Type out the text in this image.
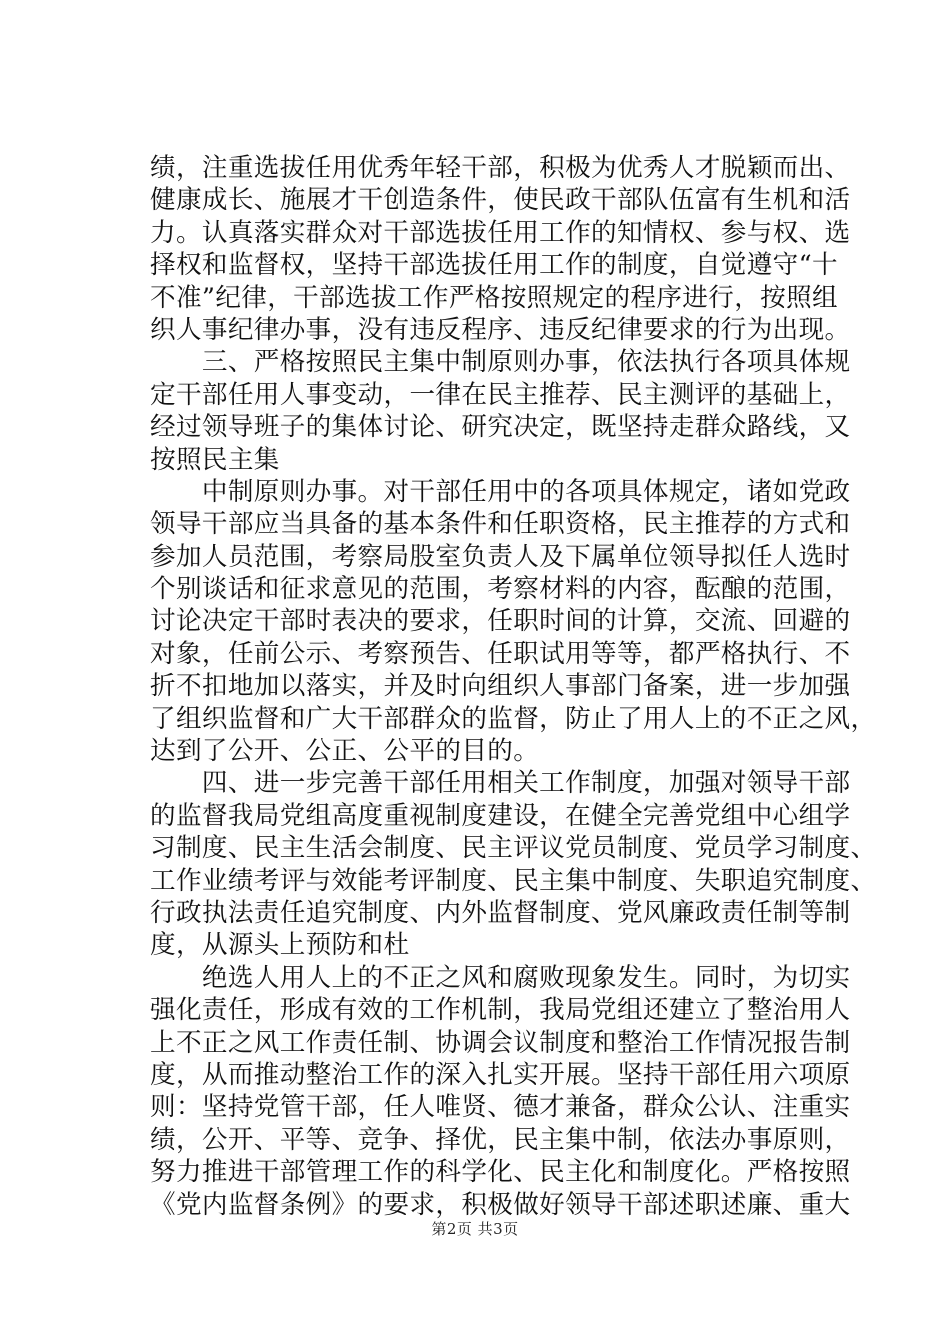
绩，注重选拔任用优秀年轻干部，积极为优秀人才脱颖而出、
健康成长、施展才干创造条件，使民政干部队伍富有生机和活
力。认真落实群众对干部选拔任用工作的知情权、参与权、选
择权和监督权，坚持干部选拔任用工作的制度，自觉遵守“十
不准”纪律，干部选拔工作严格按照规定的程序进行，按照组
织人事纪律办事，没有违反程序、违反纪律要求的行为出现。
　　三、严格按照民主集中制原则办事，依法执行各项具体规
定干部任用人事变动，一律在民主推荐、民主测评的基础上，
经过领导班子的集体讨论、研究决定，既坚持走群众路线，又
按照民主集
　　中制原则办事。对干部任用中的各项具体规定，诸如党政
领导干部应当具备的基本条件和任职资格，民主推荐的方式和
参加人员范围，考察局股室负责人及下属单位领导拟任人选时
个别谈话和征求意见的范围，考察材料的内容，酝酿的范围，
讨论决定干部时表决的要求，任职时间的计算，交流、回避的
对象，任前公示、考察预告、任职试用等等，都严格执行、不
折不扣地加以落实，并及时向组织人事部门备案，进一步加强
了组织监督和广大干部群众的监督，防止了用人上的不正之风，
达到了公开、公正、公平的目的。
　　四、进一步完善干部任用相关工作制度，加强对领导干部
的监督我局党组高度重视制度建设，在健全完善党组中心组学
习制度、民主生活会制度、民主评议党员制度、党员学习制度、
工作业绩考评与效能考评制度、民主集中制度、失职追究制度、
行政执法责任追究制度、内外监督制度、党风廉政责任制等制
度，从源头上预防和杜
　　绝选人用人上的不正之风和腐败现象发生。同时，为切实
强化责任，形成有效的工作机制，我局党组还建立了整治用人
上不正之风工作责任制、协调会议制度和整治工作情况报告制
度，从而推动整治工作的深入扎实开展。坚持干部任用六项原
则：坚持党管干部，任人唯贤、德才兼备，群众公认、注重实
绩，公开、平等、竞争、择优，民主集中制，依法办事原则，
努力推进干部管理工作的科学化、民主化和制度化。严格按照
《党内监督条例》的要求，积极做好领导干部述职述廉、重大
第2页 共3页
